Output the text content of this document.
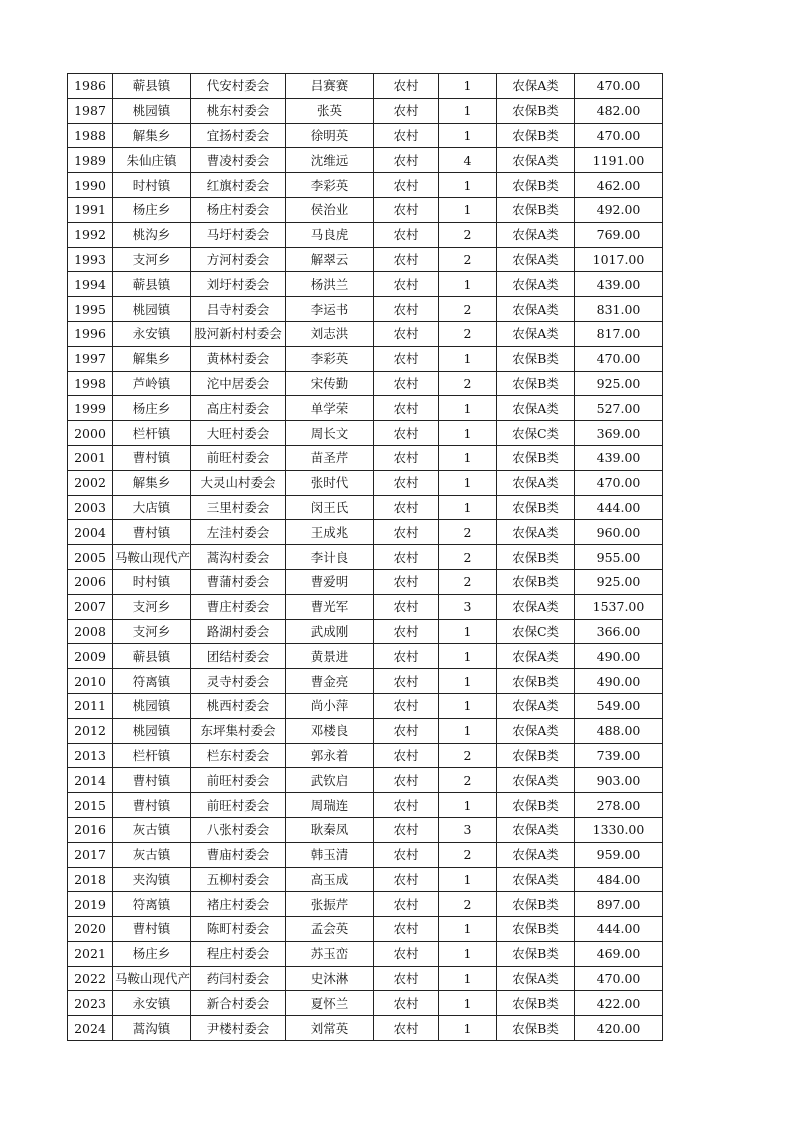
1986	蕲县镇	代安村委会	吕赛赛	农村	1	农保A类	470.00
1987	桃园镇	桃东村委会	张英	农村	1	农保B类	482.00
1988	解集乡	宜扬村委会	徐明英	农村	1	农保B类	470.00
1989	朱仙庄镇	曹凌村委会	沈维远	农村	4	农保A类	1191.00
1990	时村镇	红旗村委会	李彩英	农村	1	农保B类	462.00
1991	杨庄乡	杨庄村委会	侯治业	农村	1	农保B类	492.00
1992	桃沟乡	马圩村委会	马良虎	农村	2	农保A类	769.00
1993	支河乡	方河村委会	解翠云	农村	2	农保A类	1017.00
1994	蕲县镇	刘圩村委会	杨洪兰	农村	1	农保A类	439.00
1995	桃园镇	吕寺村委会	李运书	农村	2	农保A类	831.00
1996	永安镇	股河新村村委会	刘志洪	农村	2	农保A类	817.00
1997	解集乡	黄林村委会	李彩英	农村	1	农保B类	470.00
1998	芦岭镇	沱中居委会	宋传勤	农村	2	农保B类	925.00
1999	杨庄乡	高庄村委会	单学荣	农村	1	农保A类	527.00
2000	栏杆镇	大旺村委会	周长文	农村	1	农保C类	369.00
2001	曹村镇	前旺村委会	苗圣芹	农村	1	农保B类	439.00
2002	解集乡	大灵山村委会	张时代	农村	1	农保A类	470.00
2003	大店镇	三里村委会	闵王氏	农村	1	农保B类	444.00
2004	曹村镇	左洼村委会	王成兆	农村	2	农保A类	960.00
2005	马鞍山现代产	蒿沟村委会	李计良	农村	2	农保B类	955.00
2006	时村镇	曹蒲村委会	曹爱明	农村	2	农保B类	925.00
2007	支河乡	曹庄村委会	曹光军	农村	3	农保A类	1537.00
2008	支河乡	路湖村委会	武成刚	农村	1	农保C类	366.00
2009	蕲县镇	团结村委会	黄景进	农村	1	农保A类	490.00
2010	符离镇	灵寺村委会	曹金亮	农村	1	农保B类	490.00
2011	桃园镇	桃西村委会	尚小萍	农村	1	农保A类	549.00
2012	桃园镇	东坪集村委会	邓楼良	农村	1	农保A类	488.00
2013	栏杆镇	栏东村委会	郭永着	农村	2	农保B类	739.00
2014	曹村镇	前旺村委会	武钦启	农村	2	农保A类	903.00
2015	曹村镇	前旺村委会	周瑞连	农村	1	农保B类	278.00
2016	灰古镇	八张村委会	耿秦凤	农村	3	农保A类	1330.00
2017	灰古镇	曹庙村委会	韩玉清	农村	2	农保A类	959.00
2018	夹沟镇	五柳村委会	高玉成	农村	1	农保A类	484.00
2019	符离镇	褚庄村委会	张振芹	农村	2	农保B类	897.00
2020	曹村镇	陈町村委会	孟会英	农村	1	农保B类	444.00
2021	杨庄乡	程庄村委会	苏玉峦	农村	1	农保B类	469.00
2022	马鞍山现代产	药闫村委会	史沐淋	农村	1	农保A类	470.00
2023	永安镇	新合村委会	夏怀兰	农村	1	农保B类	422.00
2024	蒿沟镇	尹楼村委会	刘常英	农村	1	农保B类	420.00
